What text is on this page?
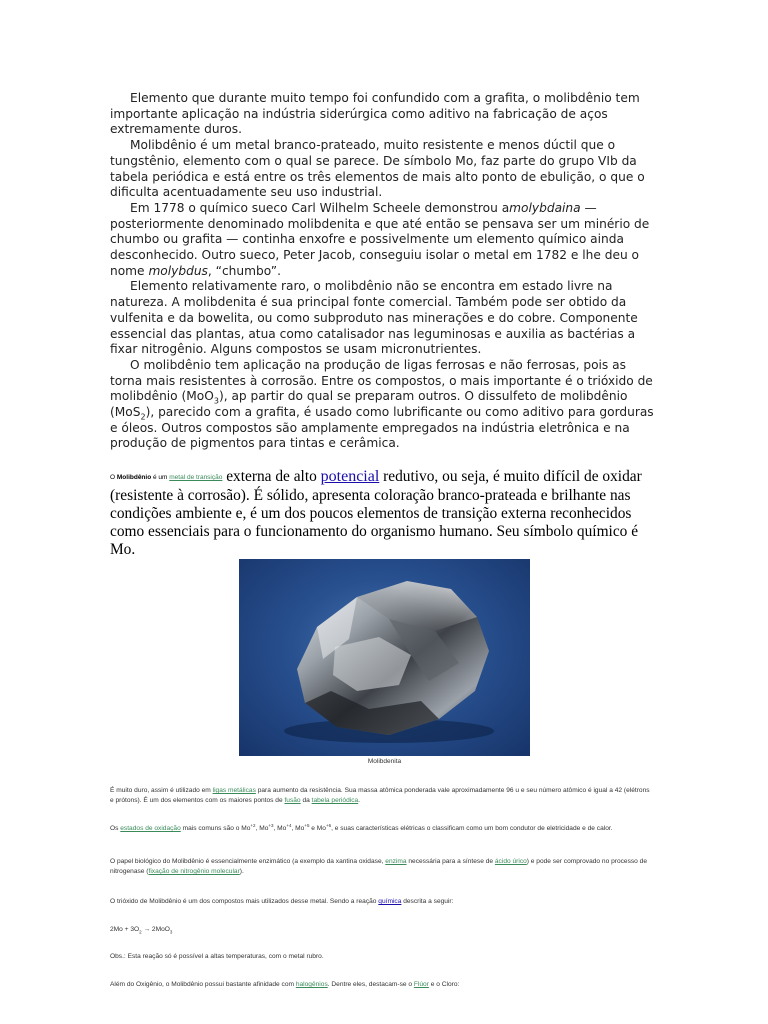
Elemento que durante muito tempo foi confundido com a grafita, o molibdênio tem importante aplicação na indústria siderúrgica como aditivo na fabricação de aços extremamente duros.

Molibdênio é um metal branco-prateado, muito resistente e menos dúctil que o tungstênio, elemento com o qual se parece. De símbolo Mo, faz parte do grupo VIb da tabela periódica e está entre os três elementos de mais alto ponto de ebulição, o que o dificulta acentuadamente seu uso industrial.

Em 1778 o químico sueco Carl Wilhelm Scheele demonstrou amolybdaina — posteriormente denominado molibdenita e que até então se pensava ser um minério de chumbo ou grafita — continha enxofre e possivelmente um elemento químico ainda desconhecido. Outro sueco, Peter Jacob, conseguiu isolar o metal em 1782 e lhe deu o nome molybdus, “chumbo”.

Elemento relativamente raro, o molibdênio não se encontra em estado livre na natureza. A molibdenita é sua principal fonte comercial. Também pode ser obtido da vulfenita e da bowelita, ou como subproduto nas minerações e do cobre. Componente essencial das plantas, atua como catalisador nas leguminosas e auxilia as bactérias a fixar nitrogênio. Alguns compostos se usam micronutrientes.

O molibdênio tem aplicação na produção de ligas ferrosas e não ferrosas, pois as torna mais resistentes à corrosão. Entre os compostos, o mais importante é o trióxido de molibdênio (MoO$_3$), ap partir do qual se preparam outros. O dissulfeto de molibdênio (MoS$_2$), parecido com a grafita, é usado como lubrificante ou como aditivo para gorduras e óleos. Outros compostos são amplamente empregados na indústria eletrônica e na produção de pigmentos para tintas e cerâmica.

O Molibdênio é um metal de transição externa de alto potencial redutivo, ou seja, é muito difícil de oxidar (resistente à corrosão). É sólido, apresenta coloração branco-prateada e brilhante nas condições ambiente e, é um dos poucos elementos de transição externa reconhecidos como essenciais para o funcionamento do organismo humano. Seu símbolo químico é Mo.

Molibdenita

É muito duro, assim é utilizado em ligas metálicas para aumento da resistência. Sua massa atômica ponderada vale aproximadamente 96 u e seu número atômico é igual a 42 (elétrons e prótons). É um dos elementos com os maiores pontos de fusão da tabela periódica.

Os estados de oxidação mais comuns são o $Mo^{+2}$, $Mo^{+3}$, $Mo^{+4}$, $Mo^{+5}$ e $Mo^{+6}$, e suas características elétricas o classificam como um bom condutor de eletricidade e de calor.

O papel biológico do Molibdênio é essencialmente enzimático (a exemplo da xantina oxidase, enzima necessária para a síntese de ácido úrico) e pode ser comprovado no processo de nitrogenase (fixação de nitrogênio molecular).

O trióxido de Molibdênio é um dos compostos mais utilizados desse metal. Sendo a reação química descrita a seguir:

$2Mo + 3O_2 \to 2MoO_3$

Obs.: Esta reação só é possível a altas temperaturas, com o metal rubro.

Além do Oxigênio, o Molibdênio possui bastante afinidade com halogênios. Dentre eles, destacam-se o Flúor e o Cloro:
